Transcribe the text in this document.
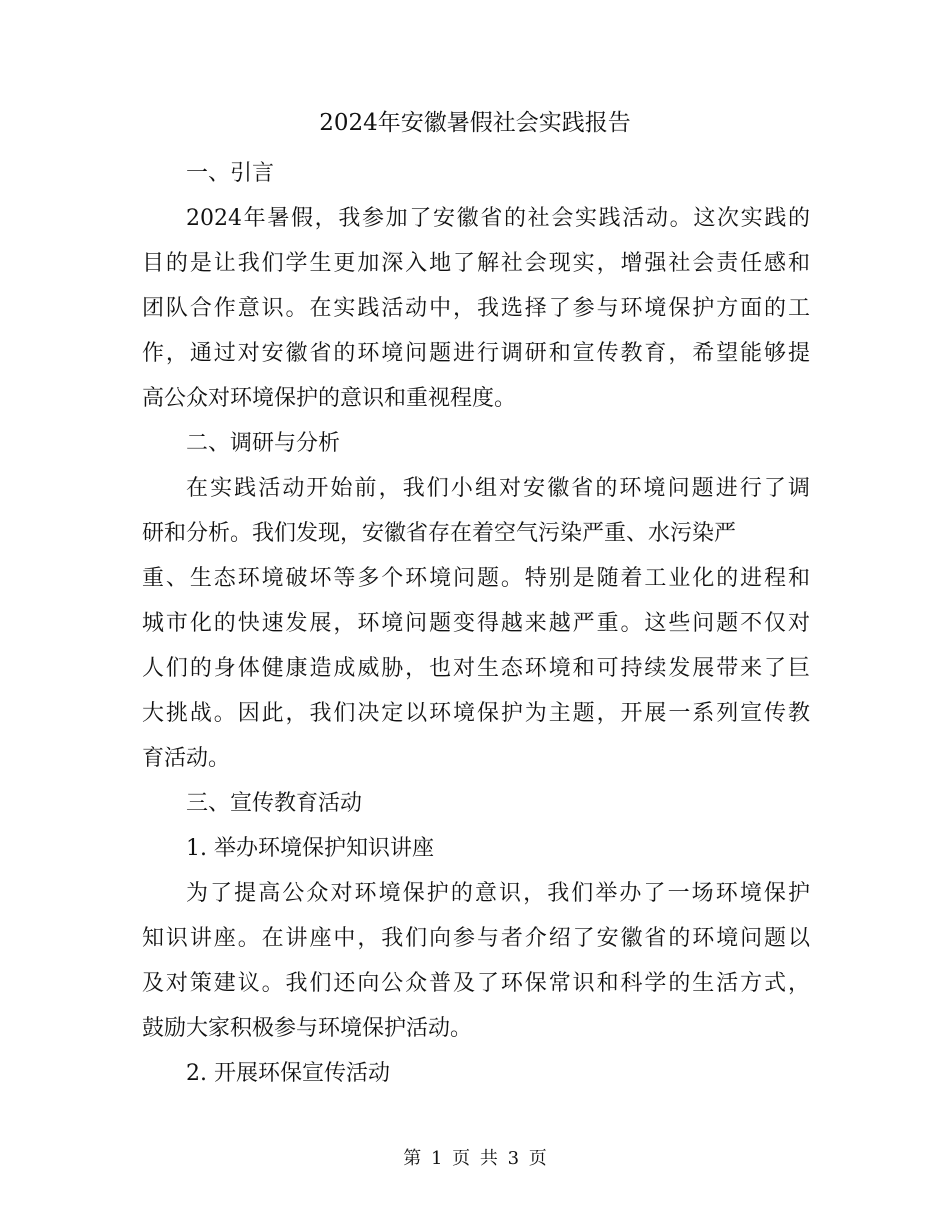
2024年安徽暑假社会实践报告
一、引言
2024年暑假，我参加了安徽省的社会实践活动。这次实践的
目的是让我们学生更加深入地了解社会现实，增强社会责任感和
团队合作意识。在实践活动中，我选择了参与环境保护方面的工
作，通过对安徽省的环境问题进行调研和宣传教育，希望能够提
高公众对环境保护的意识和重视程度。
二、调研与分析
在实践活动开始前，我们小组对安徽省的环境问题进行了调
研和分析。我们发现，安徽省存在着空气污染严重、水污染严
重、生态环境破坏等多个环境问题。特别是随着工业化的进程和
城市化的快速发展，环境问题变得越来越严重。这些问题不仅对
人们的身体健康造成威胁，也对生态环境和可持续发展带来了巨
大挑战。因此，我们决定以环境保护为主题，开展一系列宣传教
育活动。
三、宣传教育活动
1. 举办环境保护知识讲座
为了提高公众对环境保护的意识，我们举办了一场环境保护
知识讲座。在讲座中，我们向参与者介绍了安徽省的环境问题以
及对策建议。我们还向公众普及了环保常识和科学的生活方式，
鼓励大家积极参与环境保护活动。
2. 开展环保宣传活动
第 1 页 共 3 页
